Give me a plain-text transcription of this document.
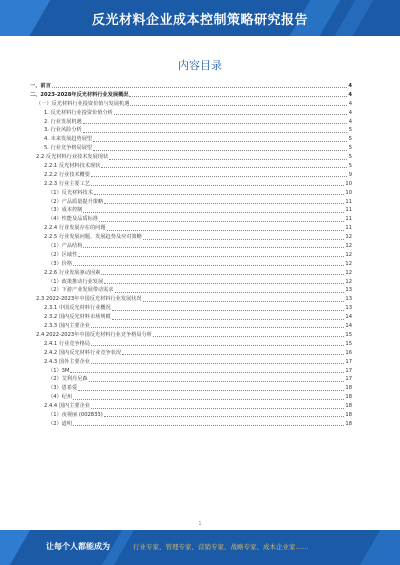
反光材料企业成本控制策略研究报告
内容目录
一、前言	4
二、2023-2028年反光材料行业发展概况	4
（一）反光材料行业投资价值与发展机遇	4
1. 反光材料行业投资价值分析	4
2. 行业发展机遇	4
3. 行业风险分析	5
4. 未来发展趋势展望	5
5. 行业竞争格局展望	5
2.2 反光材料行业技术发展现状	5
2.2.1 反光材料技术现状	5
2.2.2 行业技术概要	9
2.2.3 行业主要工艺	10
（1）反光材料技术	10
（2）产品质量提升策略	11
（3）成本控制	11
（4）性能及品质标准	11
2.2.4 行业发展存在的问题	11
2.2.5 行业发展问题、发展趋势及应对策略	12
（1）产品结构	12
（2）区域性	12
（3）价格	12
2.2.6 行业发展驱动因素	12
（1）政策推动行业发展	12
（2）下游产业发展带动需求	13
2.3 2022-2023年中国反光材料行业发展状况	13
2.3.1 中国反光材料行业概况	13
2.3.2 国内反光材料市场规模	14
2.3.3 国内主要企业	14
2.4 2022-2023年中国反光材料行业竞争格局分析	15
2.4.1 行业竞争格局	15
2.4.2 国内反光材料行业竞争状况	16
2.4.3 国外主要企业	17
（1）3M	17
（2）艾利丹尼森	17
（3）恩希爱	18
（4）纪州	18
2.4.4 国内主要企业	18
（1）夜视丽 (002833)	18
（2）道明	18
1
让每个人都能成为	行业专家、管理专家、营销专家、战略专家、成本企业家……
